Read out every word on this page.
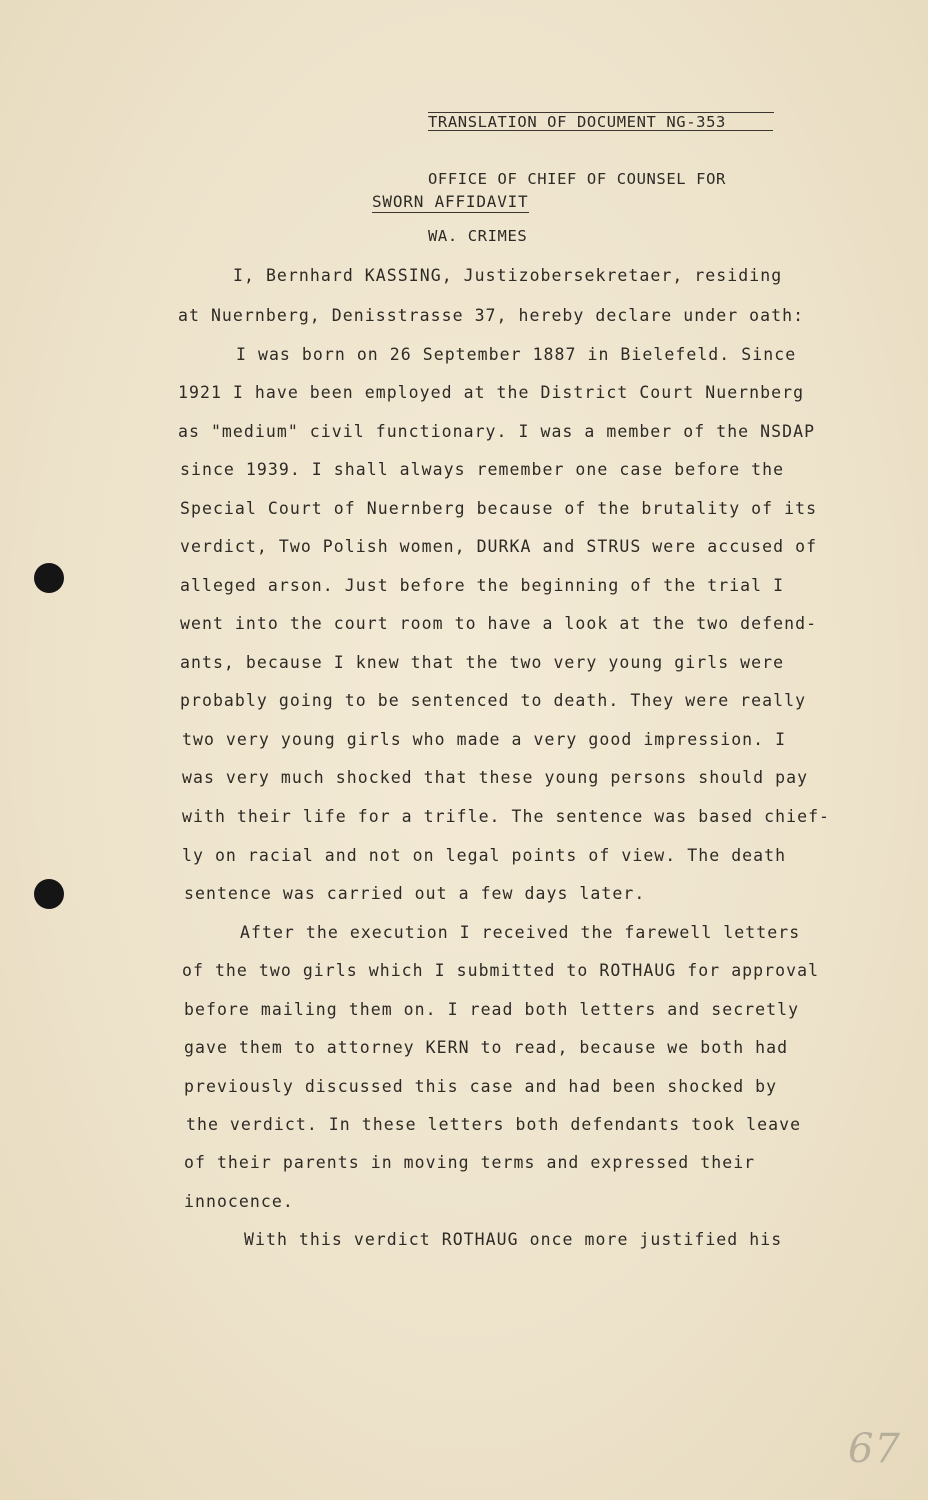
TRANSLATION OF DOCUMENT NG-353

OFFICE OF CHIEF OF COUNSEL FOR

WA. CRIMES

SWORN AFFIDAVIT
I, Bernhard KASSING, Justizobersekretaer, residing
at Nuernberg, Denisstrasse 37, hereby declare under oath:
I was born on 26 September 1887 in Bielefeld. Since
1921 I have been employed at the District Court Nuernberg
as "medium" civil functionary. I was a member of the NSDAP
since 1939. I shall always remember one case before the
Special Court of Nuernberg because of the brutality of its
verdict, Two Polish women, DURKA and STRUS were accused of
alleged arson. Just before the beginning of the trial I
went into the court room to have a look at the two defend-
ants, because I knew that the two very young girls were
probably going to be sentenced to death. They were really
two very young girls who made a very good impression. I
was very much shocked that these young persons should pay
with their life for a trifle. The sentence was based chief-
ly on racial and not on legal points of view. The death
sentence was carried out a few days later.
After the execution I received the farewell letters
of the two girls which I submitted to ROTHAUG for approval
before mailing them on. I read both letters and secretly
gave them to attorney KERN to read, because we both had
previously discussed this case and had been shocked by
the verdict. In these letters both defendants took leave
of their parents in moving terms and expressed their
innocence.
With this verdict ROTHAUG once more justified his
67
